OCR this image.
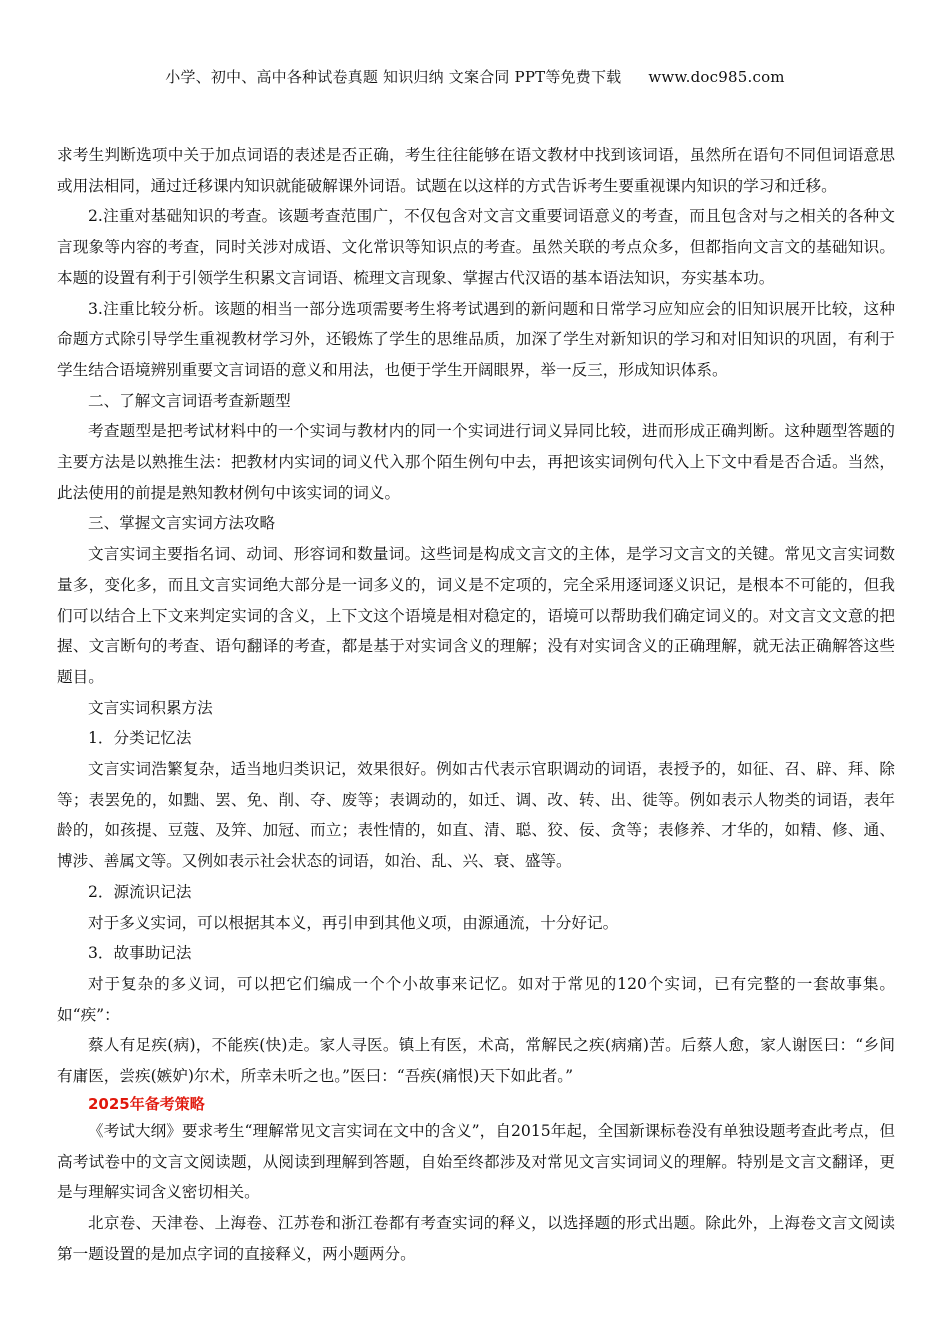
小学、初中、高中各种试卷真题 知识归纳 文案合同 PPT等免费下载 www.doc985.com

求考生判断选项中关于加点词语的表述是否正确，考生往往能够在语文教材中找到该词语，虽然所在语句不同但词语意思或用法相同，通过迁移课内知识就能破解课外词语。试题在以这样的方式告诉考生要重视课内知识的学习和迁移。

2.注重对基础知识的考查。该题考查范围广，不仅包含对文言文重要词语意义的考查，而且包含对与之相关的各种文言现象等内容的考查，同时关涉对成语、文化常识等知识点的考查。虽然关联的考点众多，但都指向文言文的基础知识。本题的设置有利于引领学生积累文言词语、梳理文言现象、掌握古代汉语的基本语法知识，夯实基本功。

3.注重比较分析。该题的相当一部分选项需要考生将考试遇到的新问题和日常学习应知应会的旧知识展开比较，这种命题方式除引导学生重视教材学习外，还锻炼了学生的思维品质，加深了学生对新知识的学习和对旧知识的巩固，有利于学生结合语境辨别重要文言词语的意义和用法，也便于学生开阔眼界，举一反三，形成知识体系。

二、了解文言词语考查新题型

考查题型是把考试材料中的一个实词与教材内的同一个实词进行词义异同比较，进而形成正确判断。这种题型答题的主要方法是以熟推生法：把教材内实词的词义代入那个陌生例句中去，再把该实词例句代入上下文中看是否合适。当然，此法使用的前提是熟知教材例句中该实词的词义。

三、掌握文言实词方法攻略

文言实词主要指名词、动词、形容词和数量词。这些词是构成文言文的主体，是学习文言文的关键。常见文言实词数量多，变化多，而且文言实词绝大部分是一词多义的，词义是不定项的，完全采用逐词逐义识记，是根本不可能的，但我们可以结合上下文来判定实词的含义，上下文这个语境是相对稳定的，语境可以帮助我们确定词义的。对文言文文意的把握、文言断句的考查、语句翻译的考查，都是基于对实词含义的理解；没有对实词含义的正确理解，就无法正确解答这些题目。

文言实词积累方法

1．分类记忆法

文言实词浩繁复杂，适当地归类识记，效果很好。例如古代表示官职调动的词语，表授予的，如征、召、辟、拜、除等；表罢免的，如黜、罢、免、削、夺、废等；表调动的，如迁、调、改、转、出、徙等。例如表示人物类的词语，表年龄的，如孩提、豆蔻、及笄、加冠、而立；表性情的，如直、清、聪、狡、佞、贪等；表修养、才华的，如精、修、通、博涉、善属文等。又例如表示社会状态的词语，如治、乱、兴、衰、盛等。

2．源流识记法

对于多义实词，可以根据其本义，再引申到其他义项，由源通流，十分好记。

3．故事助记法

对于复杂的多义词，可以把它们编成一个个小故事来记忆。如对于常见的120个实词，已有完整的一套故事集。如“疾”：

蔡人有足疾(病)，不能疾(快)走。家人寻医。镇上有医，术高，常解民之疾(病痛)苦。后蔡人愈，家人谢医曰：“乡间有庸医，尝疾(嫉妒)尔术，所幸未听之也。”医曰：“吾疾(痛恨)天下如此者。”

2025年备考策略

《考试大纲》要求考生“理解常见文言实词在文中的含义”，自2015年起，全国新课标卷没有单独设题考查此考点，但高考试卷中的文言文阅读题，从阅读到理解到答题，自始至终都涉及对常见文言实词词义的理解。特别是文言文翻译，更是与理解实词含义密切相关。

北京卷、天津卷、上海卷、江苏卷和浙江卷都有考查实词的释义，以选择题的形式出题。除此外，上海卷文言文阅读第一题设置的是加点字词的直接释义，两小题两分。
